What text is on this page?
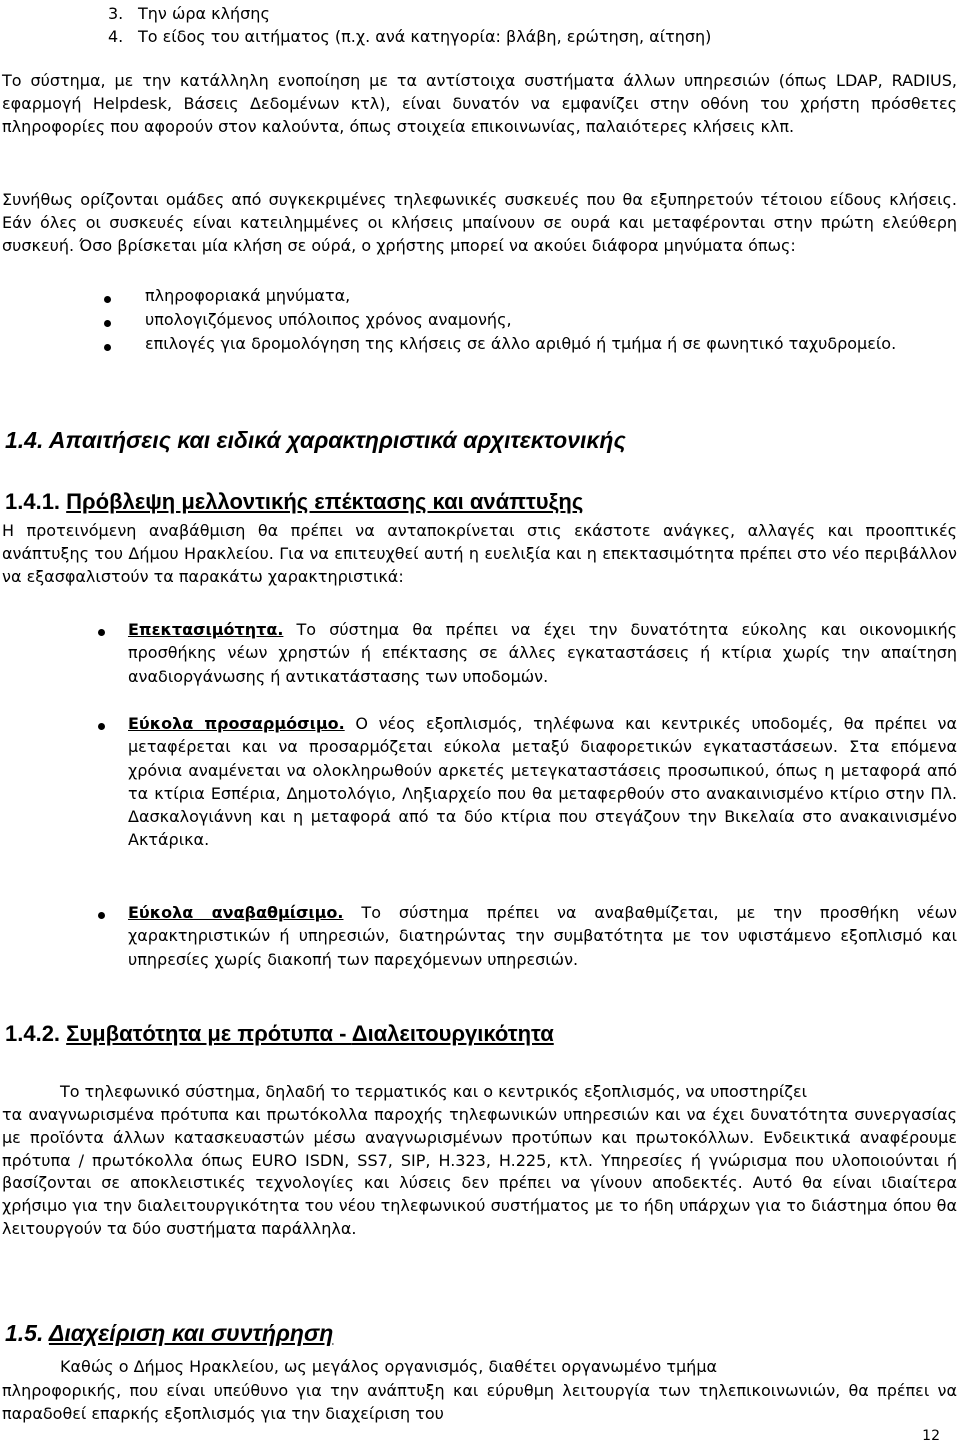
3. Την ώρα κλήσης
4. Το είδος του αιτήματος (π.χ. ανά κατηγορία: βλάβη, ερώτηση, αίτηση)

Το σύστημα, με την κατάλληλη ενοποίηση με τα αντίστοιχα συστήματα άλλων υπηρεσιών (όπως LDAP, RADIUS, εφαρμογή Helpdesk, Βάσεις Δεδομένων κτλ), είναι δυνατόν να εμφανίζει στην οθόνη του χρήστη πρόσθετες πληροφορίες που αφορούν στον καλούντα, όπως στοιχεία επικοινωνίας, παλαιότερες κλήσεις κλπ.

Συνήθως ορίζονται ομάδες από συγκεκριμένες τηλεφωνικές συσκευές που θα εξυπηρετούν τέτοιου είδους κλήσεις. Εάν όλες οι συσκευές είναι κατειλημμένες οι κλήσεις μπαίνουν σε ουρά και μεταφέρονται στην πρώτη ελεύθερη συσκευή. Όσο βρίσκεται μία κλήση σε ούρά, ο χρήστης μπορεί να ακούει διάφορα μηνύματα όπως:

πληροφοριακά μηνύματα,
υπολογιζόμενος υπόλοιπος χρόνος αναμονής,
επιλογές για δρομολόγηση της κλήσεις σε άλλο αριθμό ή τμήμα ή σε φωνητικό ταχυδρομείο.
1.4. Απαιτήσεις και ειδικά χαρακτηριστικά αρχιτεκτονικής
1.4.1. Πρόβλεψη μελλοντικής επέκτασης και ανάπτυξης

Η προτεινόμενη αναβάθμιση θα πρέπει να ανταποκρίνεται στις εκάστοτε ανάγκες, αλλαγές και προοπτικές ανάπτυξης του Δήμου Ηρακλείου. Για να επιτευχθεί αυτή η ευελιξία και η επεκτασιμότητα πρέπει στο νέο περιβάλλον να εξασφαλιστούν τα παρακάτω χαρακτηριστικά:

Επεκτασιμότητα. Το σύστημα θα πρέπει να έχει την δυνατότητα εύκολης και οικονομικής προσθήκης νέων χρηστών ή επέκτασης σε άλλες εγκαταστάσεις ή κτίρια χωρίς την απαίτηση αναδιοργάνωσης ή αντικατάστασης των υποδομών.
Εύκολα προσαρμόσιμο. Ο νέος εξοπλισμός, τηλέφωνα και κεντρικές υποδομές, θα πρέπει να μεταφέρεται και να προσαρμόζεται εύκολα μεταξύ διαφορετικών εγκαταστάσεων. Στα επόμενα χρόνια αναμένεται να ολοκληρωθούν αρκετές μετεγκαταστάσεις προσωπικού, όπως η μεταφορά από τα κτίρια Εσπέρια, Δημοτολόγιο, Ληξιαρχείο που θα μεταφερθούν στο ανακαινισμένο κτίριο στην Πλ. Δασκαλογιάννη και η μεταφορά από τα δύο κτίρια που στεγάζουν την Βικελαία στο ανακαινισμένο Ακτάρικα.
Εύκολα αναβαθμίσιμο. Το σύστημα πρέπει να αναβαθμίζεται, με την προσθήκη νέων χαρακτηριστικών ή υπηρεσιών, διατηρώντας την συμβατότητα με τον υφιστάμενο εξοπλισμό και υπηρεσίες χωρίς διακοπή των παρεχόμενων υπηρεσιών.
1.4.2. Συμβατότητα με πρότυπα - Διαλειτουργικότητα
Το τηλεφωνικό σύστημα, δηλαδή το τερματικός και ο κεντρικός εξοπλισμός, να υποστηρίζει

τα αναγνωρισμένα πρότυπα και πρωτόκολλα παροχής τηλεφωνικών υπηρεσιών και να έχει δυνατότητα συνεργασίας με προϊόντα άλλων κατασκευαστών μέσω αναγνωρισμένων προτύπων και πρωτοκόλλων. Ενδεικτικά αναφέρουμε πρότυπα / πρωτόκολλα όπως EURO ISDN, SS7, SIP, H.323, H.225, κτλ. Υπηρεσίες ή γνώρισμα που υλοποιούνται ή βασίζονται σε αποκλειστικές τεχνολογίες και λύσεις δεν πρέπει να γίνουν αποδεκτές. Αυτό θα είναι ιδιαίτερα χρήσιμο για την διαλειτουργικότητα του νέου τηλεφωνικού συστήματος με το ήδη υπάρχων για το διάστημα όπου θα λειτουργούν τα δύο συστήματα παράλληλα.

1.5. Διαχείριση και συντήρηση
Καθώς ο Δήμος Ηρακλείου, ως μεγάλος οργανισμός, διαθέτει οργανωμένο τμήμα

πληροφορικής, που είναι υπεύθυνο για την ανάπτυξη και εύρυθμη λειτουργία των τηλεπικοινωνιών, θα πρέπει να παραδοθεί επαρκής εξοπλισμός για την διαχείριση του

12
